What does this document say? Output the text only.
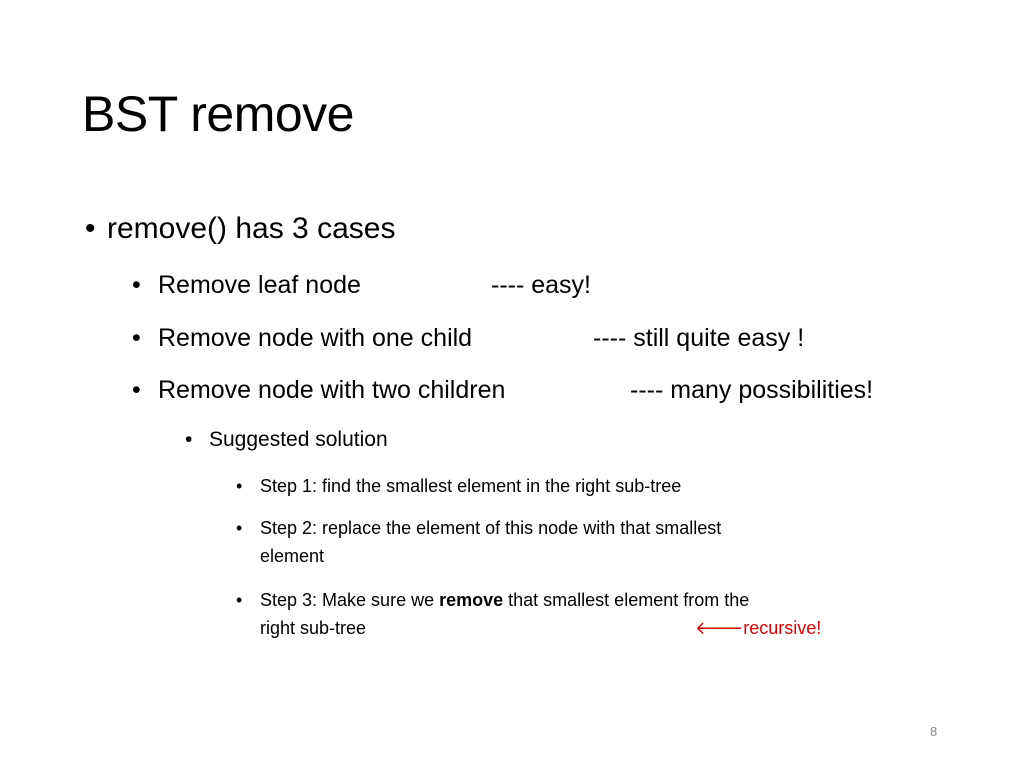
BST remove
• remove() has 3 cases
• Remove leaf node	---- easy!
• Remove node with one child	---- still quite easy !
• Remove node with two children	---- many possibilities!
• Suggested solution
• Step 1: find the smallest element in the right sub-tree
• Step 2: replace the element of this node with that smallest
element
• Step 3: Make sure we remove that smallest element from the
right sub-tree	🡐recursive!
8
